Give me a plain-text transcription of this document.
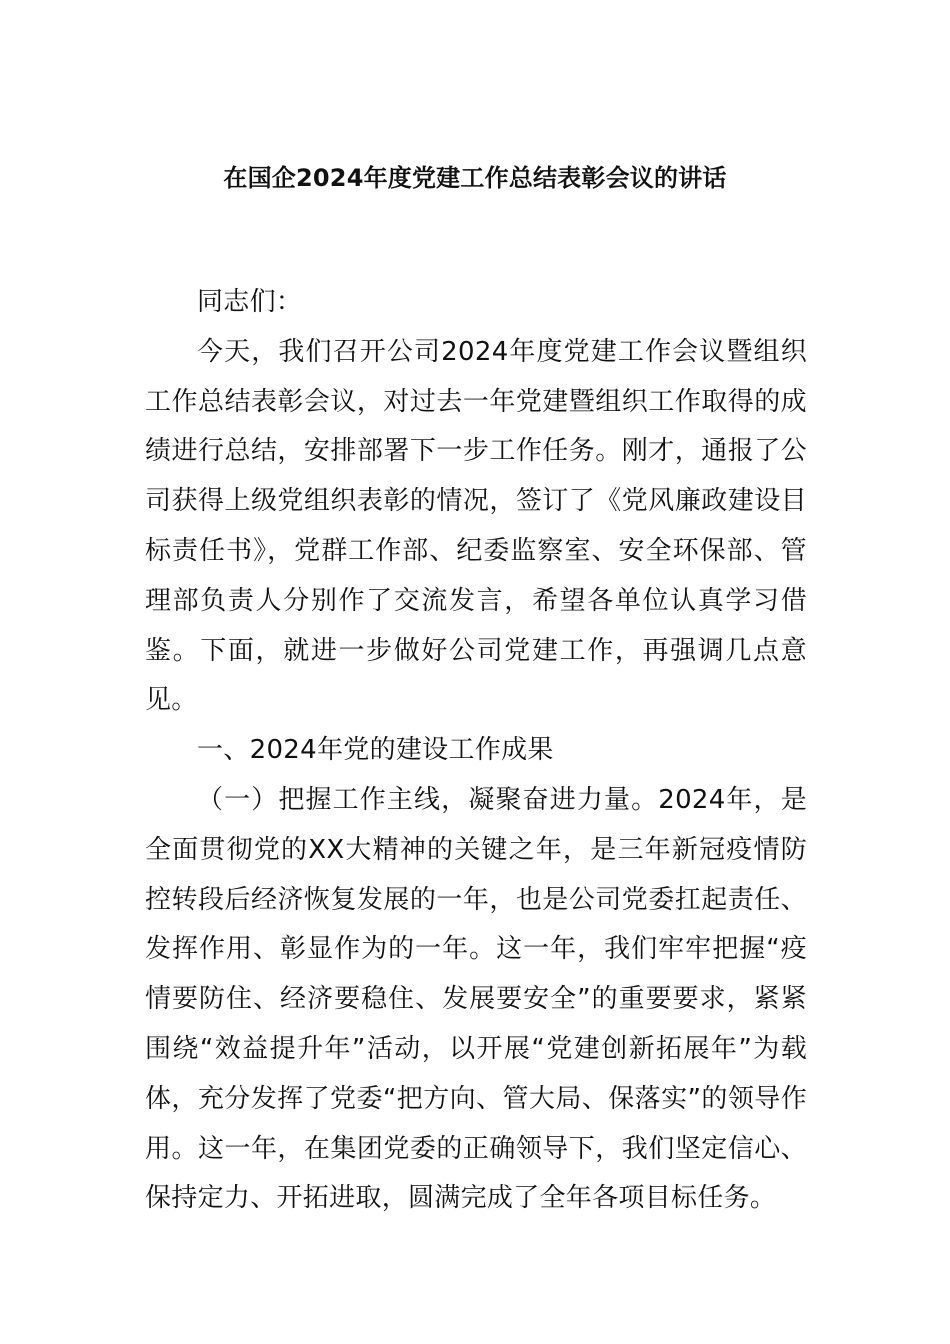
在国企2024年度党建工作总结表彰会议的讲话

同志们：

今天，我们召开公司2024年度党建工作会议暨组织工作总结表彰会议，对过去一年党建暨组织工作取得的成绩进行总结，安排部署下一步工作任务。刚才，通报了公司获得上级党组织表彰的情况，签订了《党风廉政建设目标责任书》，党群工作部、纪委监察室、安全环保部、管理部负责人分别作了交流发言，希望各单位认真学习借鉴。下面，就进一步做好公司党建工作，再强调几点意见。

一、2024年党的建设工作成果

（一）把握工作主线，凝聚奋进力量。2024年，是全面贯彻党的XX大精神的关键之年，是三年新冠疫情防控转段后经济恢复发展的一年，也是公司党委扛起责任、发挥作用、彰显作为的一年。这一年，我们牢牢把握“疫情要防住、经济要稳住、发展要安全”的重要要求，紧紧围绕“效益提升年”活动，以开展“党建创新拓展年”为载体，充分发挥了党委“把方向、管大局、保落实”的领导作用。这一年，在集团党委的正确领导下，我们坚定信心、保持定力、开拓进取，圆满完成了全年各项目标任务。
